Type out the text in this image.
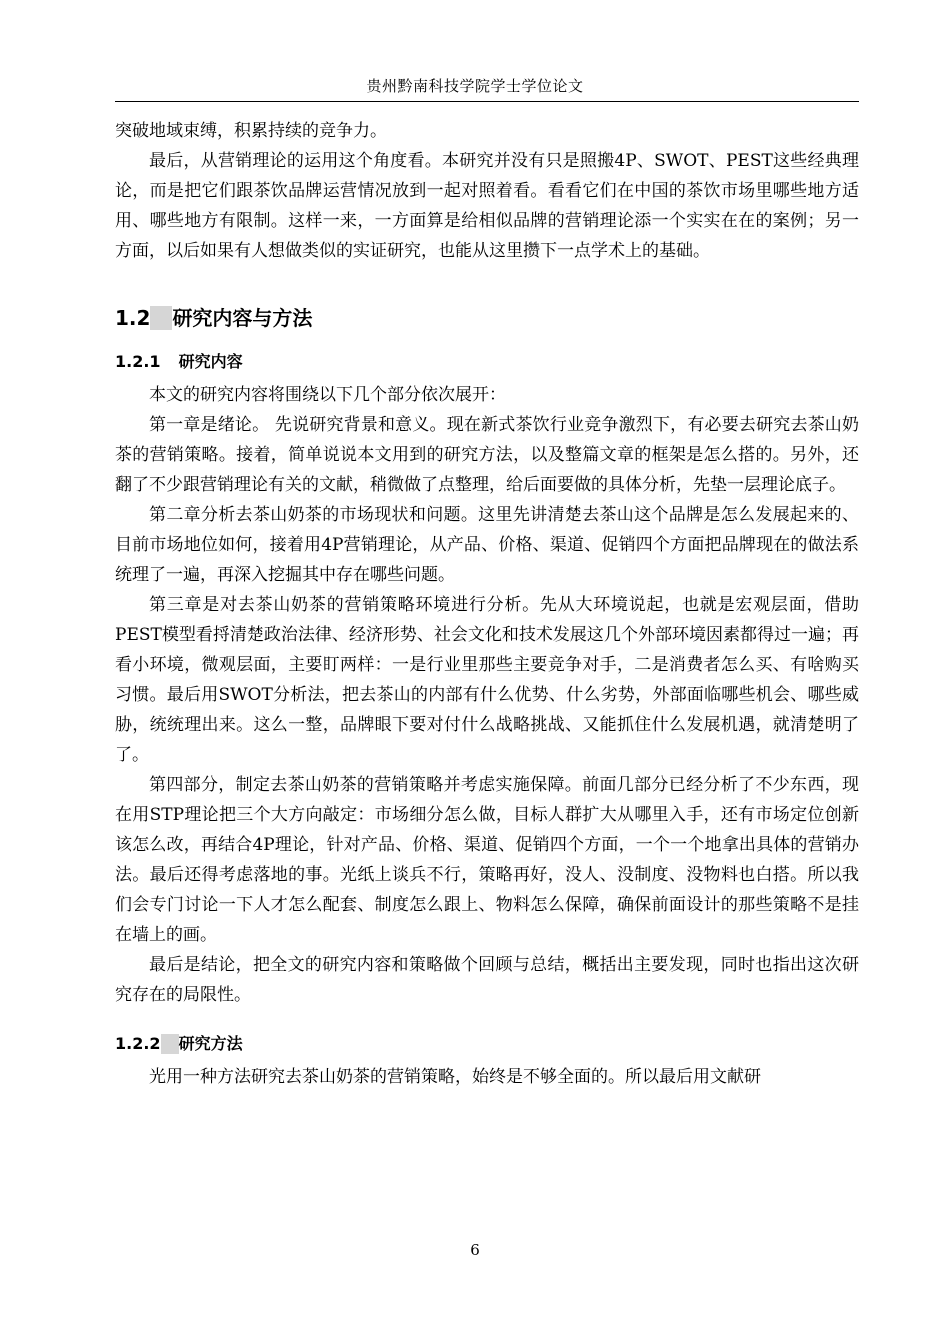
贵州黔南科技学院学士学位论文

突破地域束缚，积累持续的竞争力。

最后，从营销理论的运用这个角度看。本研究并没有只是照搬4P、SWOT、PEST这些经典理论，而是把它们跟茶饮品牌运营情况放到一起对照着看。看看它们在中国的茶饮市场里哪些地方适用、哪些地方有限制。这样一来，一方面算是给相似品牌的营销理论添一个实实在在的案例；另一方面，以后如果有人想做类似的实证研究，也能从这里攒下一点学术上的基础。

1.2 研究内容与方法
1.2.1 研究内容

本文的研究内容将围绕以下几个部分依次展开：

第一章是绪论。 先说研究背景和意义。现在新式茶饮行业竞争激烈下，有必要去研究去茶山奶茶的营销策略。接着，简单说说本文用到的研究方法，以及整篇文章的框架是怎么搭的。另外，还翻了不少跟营销理论有关的文献，稍微做了点整理，给后面要做的具体分析，先垫一层理论底子。

第二章分析去茶山奶茶的市场现状和问题。这里先讲清楚去茶山这个品牌是怎么发展起来的、目前市场地位如何，接着用4P营销理论，从产品、价格、渠道、促销四个方面把品牌现在的做法系统理了一遍，再深入挖掘其中存在哪些问题。

第三章是对去茶山奶茶的营销策略环境进行分析。先从大环境说起，也就是宏观层面，借助PEST模型看捋清楚政治法律、经济形势、社会文化和技术发展这几个外部环境因素都得过一遍；再看小环境，微观层面，主要盯两样：一是行业里那些主要竞争对手，二是消费者怎么买、有啥购买习惯。最后用SWOT分析法，把去茶山的内部有什么优势、什么劣势，外部面临哪些机会、哪些威胁，统统理出来。这么一整，品牌眼下要对付什么战略挑战、又能抓住什么发展机遇，就清楚明了了。

第四部分，制定去茶山奶茶的营销策略并考虑实施保障。前面几部分已经分析了不少东西，现在用STP理论把三个大方向敲定：市场细分怎么做，目标人群扩大从哪里入手，还有市场定位创新该怎么改，再结合4P理论，针对产品、价格、渠道、促销四个方面，一个一个地拿出具体的营销办法。最后还得考虑落地的事。光纸上谈兵不行，策略再好，没人、没制度、没物料也白搭。所以我们会专门讨论一下人才怎么配套、制度怎么跟上、物料怎么保障，确保前面设计的那些策略不是挂在墙上的画。

最后是结论，把全文的研究内容和策略做个回顾与总结，概括出主要发现，同时也指出这次研究存在的局限性。

1.2.2 研究方法

光用一种方法研究去茶山奶茶的营销策略，始终是不够全面的。所以最后用文献研

6
